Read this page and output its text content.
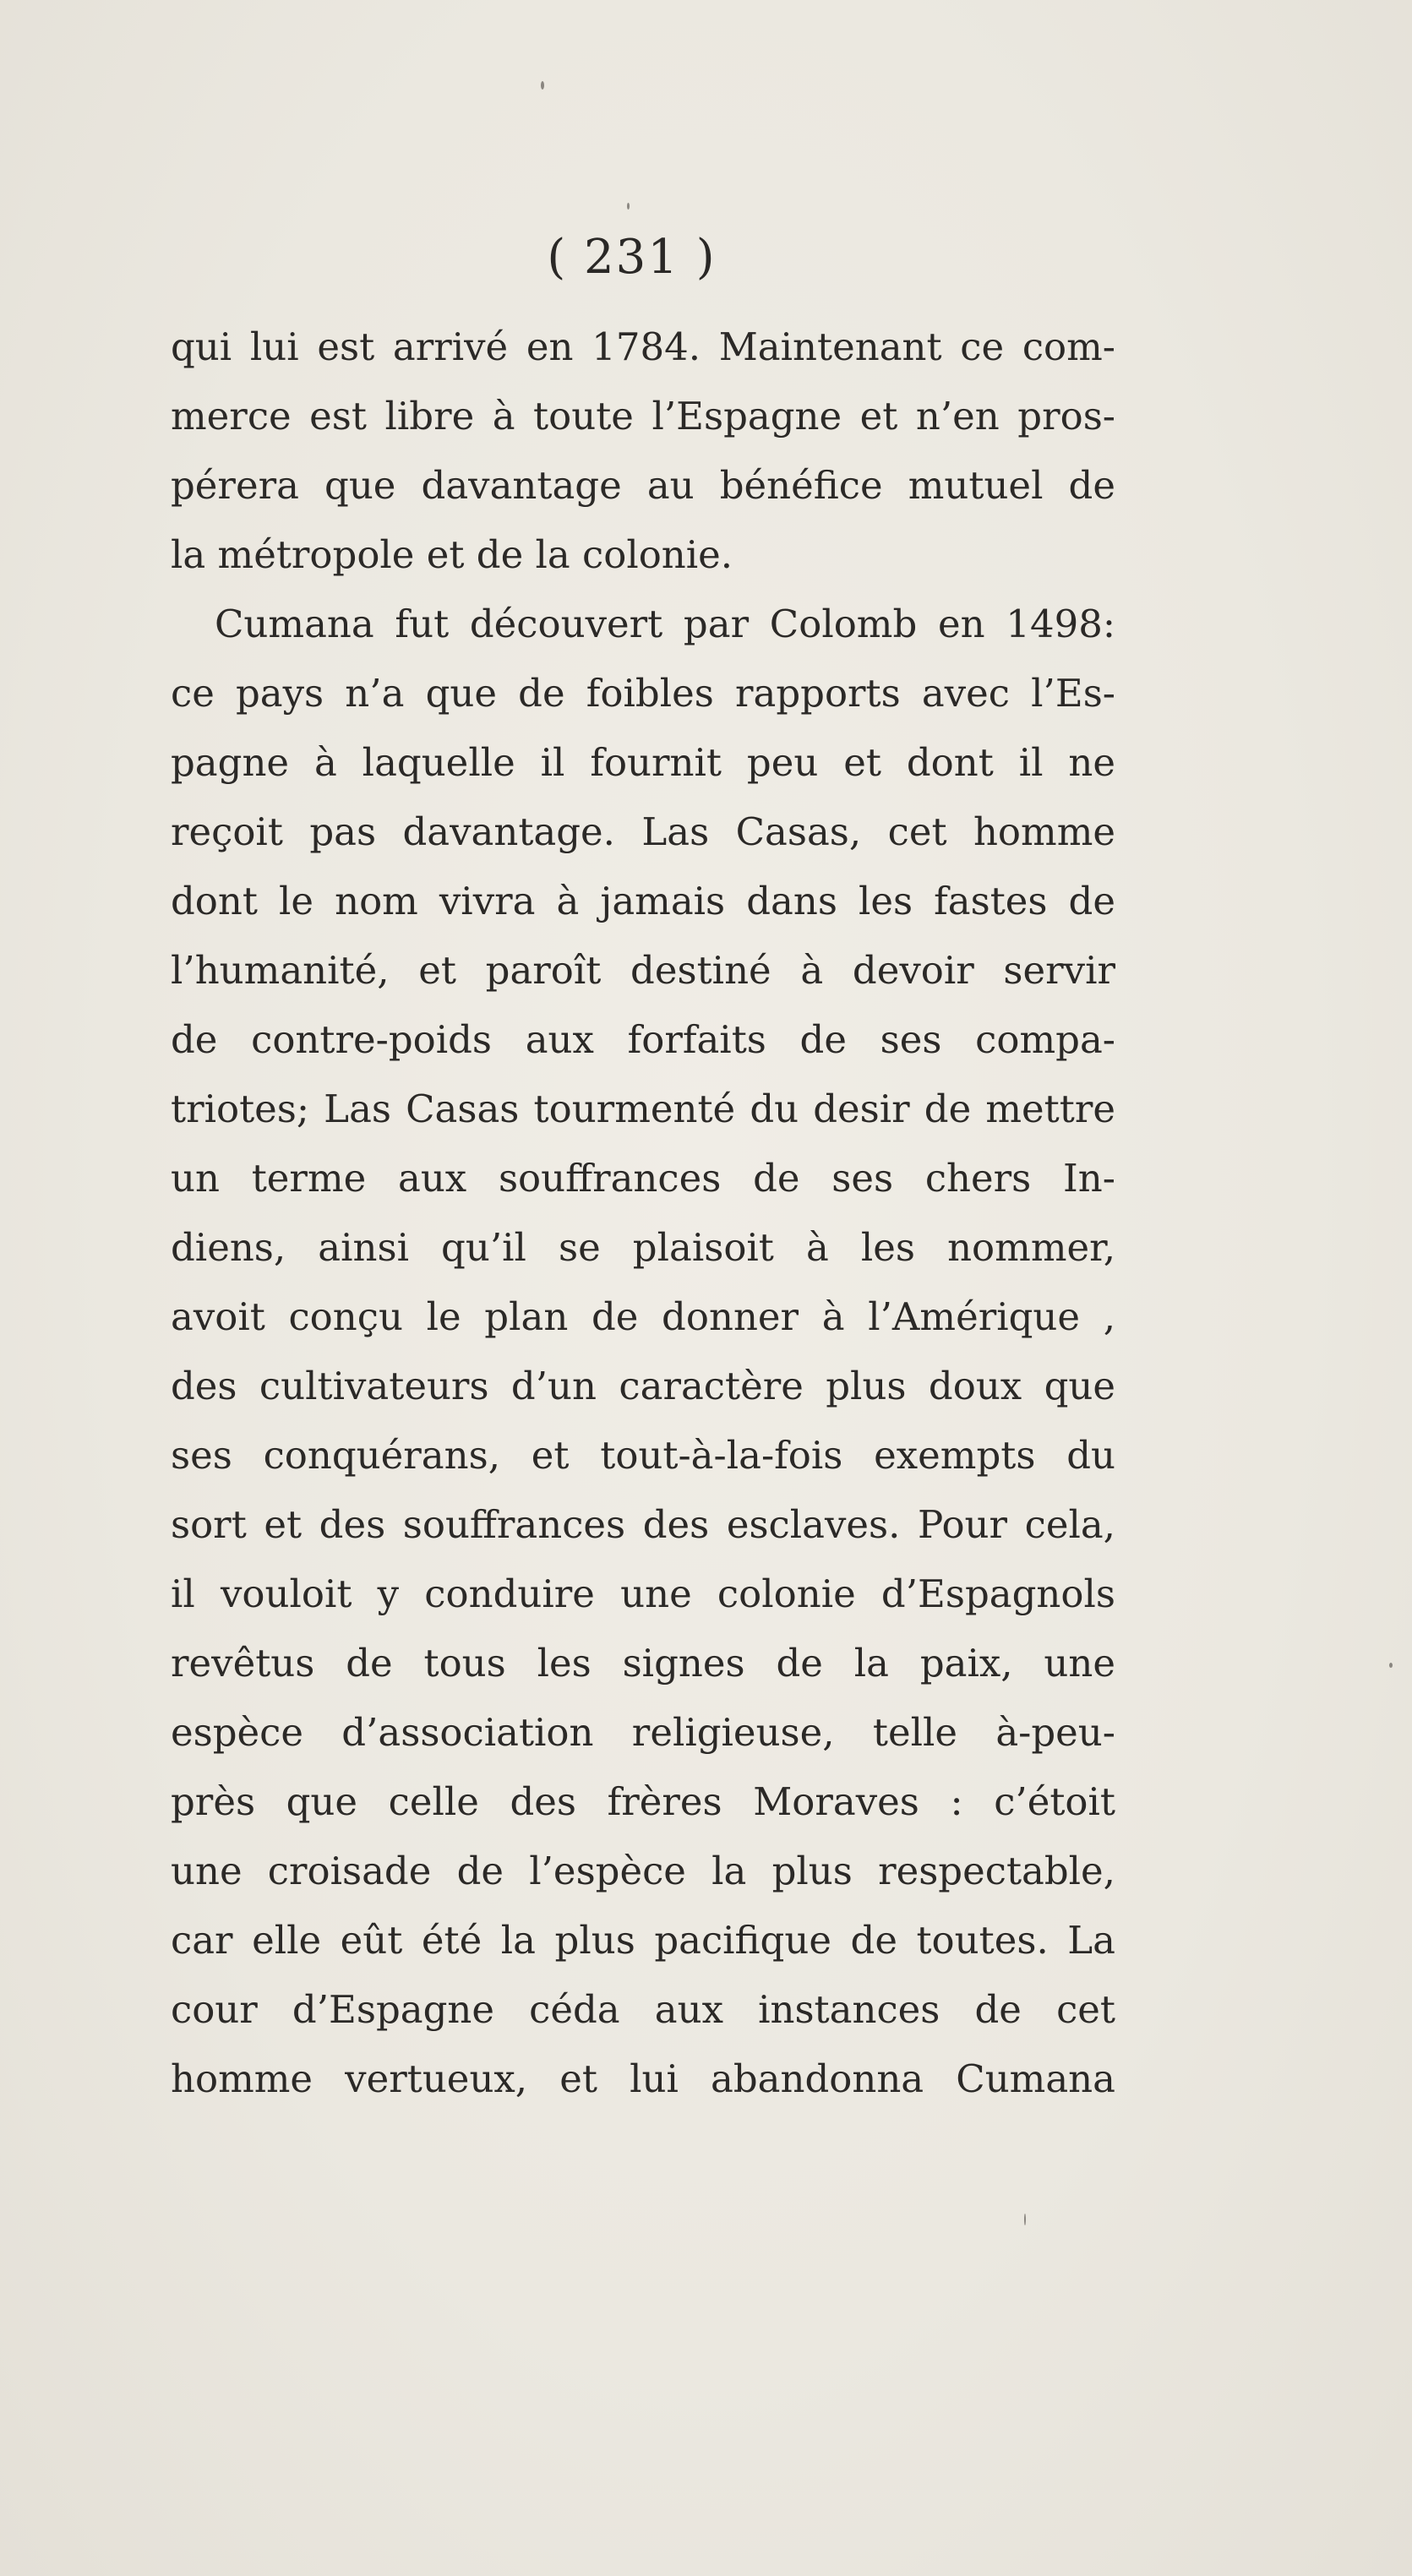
( 231 )
qui lui est arrivé en 1784. Maintenant ce com-
merce est libre à toute l’Espagne et n’en pros-
pérera que davantage au bénéfice mutuel de
la métropole et de la colonie.
Cumana fut découvert par Colomb en 1498:
ce pays n’a que de foibles rapports avec l’Es-
pagne à laquelle il fournit peu et dont il ne
reçoit pas davantage. Las Casas, cet homme
dont le nom vivra à jamais dans les fastes de
l’humanité, et paroît destiné à devoir servir
de contre-poids aux forfaits de ses compa-
triotes; Las Casas tourmenté du desir de mettre
un terme aux souffrances de ses chers In-
diens, ainsi qu’il se plaisoit à les nommer,
avoit conçu le plan de donner à l’Amérique ,
des cultivateurs d’un caractère plus doux que
ses conquérans, et tout-à-la-fois exempts du
sort et des souffrances des esclaves. Pour cela,
il vouloit y conduire une colonie d’Espagnols
revêtus de tous les signes de la paix, une
espèce d’association religieuse, telle à-peu-
près que celle des frères Moraves : c’étoit
une croisade de l’espèce la plus respectable,
car elle eût été la plus pacifique de toutes. La
cour d’Espagne céda aux instances de cet
homme vertueux, et lui abandonna Cumana
